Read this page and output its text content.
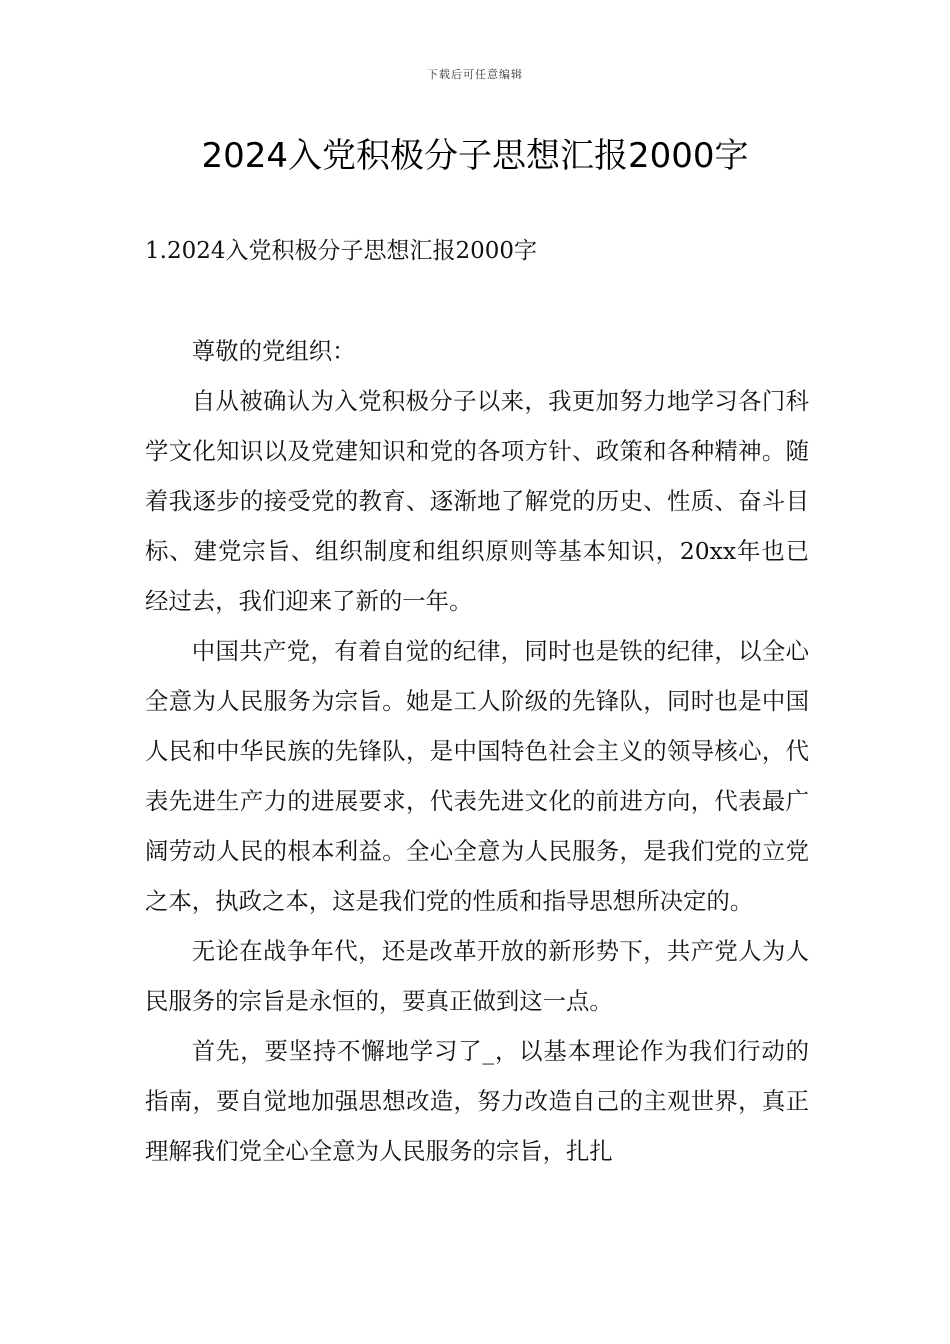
下载后可任意编辑
2024入党积极分子思想汇报2000字
1.2024入党积极分子思想汇报2000字

尊敬的党组织：

自从被确认为入党积极分子以来，我更加努力地学习各门科学文化知识以及党建知识和党的各项方针、政策和各种精神。随着我逐步的接受党的教育、逐渐地了解党的历史、性质、奋斗目标、建党宗旨、组织制度和组织原则等基本知识，20xx年也已经过去，我们迎来了新的一年。

中国共产党，有着自觉的纪律，同时也是铁的纪律，以全心全意为人民服务为宗旨。她是工人阶级的先锋队，同时也是中国人民和中华民族的先锋队，是中国特色社会主义的领导核心，代表先进生产力的进展要求，代表先进文化的前进方向，代表最广阔劳动人民的根本利益。全心全意为人民服务，是我们党的立党之本，执政之本，这是我们党的性质和指导思想所决定的。

无论在战争年代，还是改革开放的新形势下，共产党人为人民服务的宗旨是永恒的，要真正做到这一点。

首先，要坚持不懈地学习了_，以基本理论作为我们行动的指南，要自觉地加强思想改造，努力改造自己的主观世界，真正理解我们党全心全意为人民服务的宗旨，扎扎
